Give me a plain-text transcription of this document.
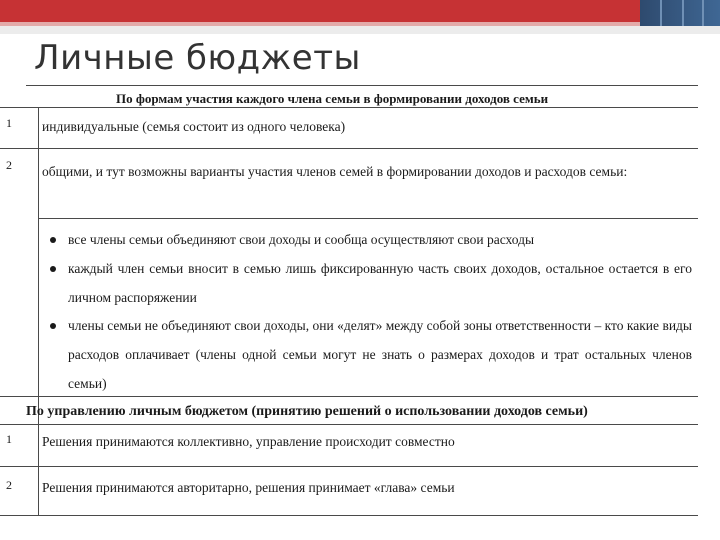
Личные бюджеты
По формам участия каждого члена семьи в формировании доходов семьи
1 индивидуальные (семья состоит из одного человека)
2 общими, и тут возможны варианты участия членов семей в формировании доходов и расходов семьи:
все члены семьи объединяют свои доходы и сообща осуществляют свои расходы
каждый член семьи вносит в семью лишь фиксированную часть своих доходов, остальное остается в его личном распоряжении
члены семьи не объединяют свои доходы, они «делят» между собой зоны ответственности – кто какие виды расходов оплачивает (члены одной семьи могут не знать о размерах доходов и трат остальных членов семьи)
По управлению личным бюджетом (принятию решений о использовании доходов семьи)
1 Решения принимаются коллективно, управление происходит совместно
2 Решения принимаются авторитарно, решения принимает «глава» семьи
